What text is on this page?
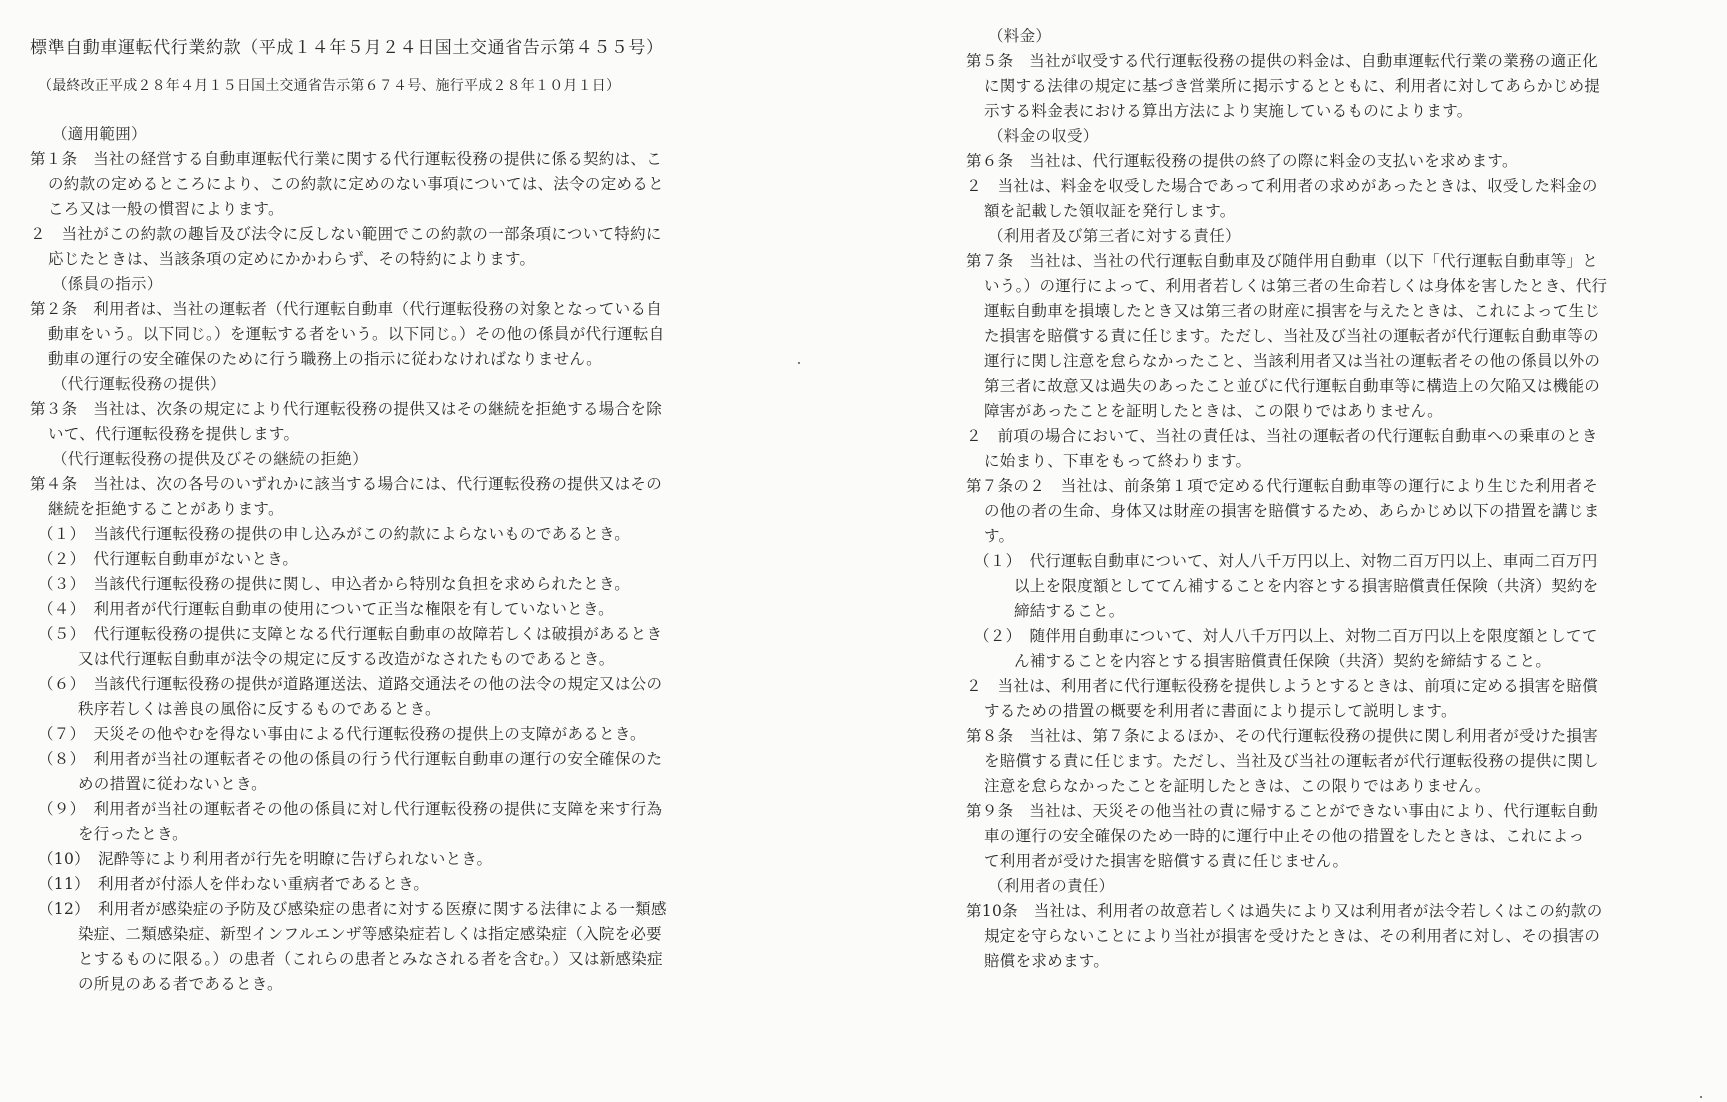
標準自動車運転代行業約款（平成１４年５月２４日国土交通省告示第４５５号）
（最終改正平成２８年４月１５日国土交通省告示第６７４号、施行平成２８年１０月１日）
（適用範囲）
第１条　当社の経営する自動車運転代行業に関する代行運転役務の提供に係る契約は、こ
の約款の定めるところにより、この約款に定めのない事項については、法令の定めると
ころ又は一般の慣習によります。
２　当社がこの約款の趣旨及び法令に反しない範囲でこの約款の一部条項について特約に
応じたときは、当該条項の定めにかかわらず、その特約によります。
（係員の指示）
第２条　利用者は、当社の運転者（代行運転自動車（代行運転役務の対象となっている自
動車をいう。以下同じ。）を運転する者をいう。以下同じ。）その他の係員が代行運転自
動車の運行の安全確保のために行う職務上の指示に従わなければなりません。
（代行運転役務の提供）
第３条　当社は、次条の規定により代行運転役務の提供又はその継続を拒絶する場合を除
いて、代行運転役務を提供します。
（代行運転役務の提供及びその継続の拒絶）
第４条　当社は、次の各号のいずれかに該当する場合には、代行運転役務の提供又はその
継続を拒絶することがあります。
（１）　当該代行運転役務の提供の申し込みがこの約款によらないものであるとき。
（２）　代行運転自動車がないとき。
（３）　当該代行運転役務の提供に関し、申込者から特別な負担を求められたとき。
（４）　利用者が代行運転自動車の使用について正当な権限を有していないとき。
（５）　代行運転役務の提供に支障となる代行運転自動車の故障若しくは破損があるとき
又は代行運転自動車が法令の規定に反する改造がなされたものであるとき。
（６）　当該代行運転役務の提供が道路運送法、道路交通法その他の法令の規定又は公の
秩序若しくは善良の風俗に反するものであるとき。
（７）　天災その他やむを得ない事由による代行運転役務の提供上の支障があるとき。
（８）　利用者が当社の運転者その他の係員の行う代行運転自動車の運行の安全確保のた
めの措置に従わないとき。
（９）　利用者が当社の運転者その他の係員に対し代行運転役務の提供に支障を来す行為
を行ったとき。
（10）　泥酔等により利用者が行先を明瞭に告げられないとき。
（11）　利用者が付添人を伴わない重病者であるとき。
（12）　利用者が感染症の予防及び感染症の患者に対する医療に関する法律による一類感
染症、二類感染症、新型インフルエンザ等感染症若しくは指定感染症（入院を必要
とするものに限る。）の患者（これらの患者とみなされる者を含む。）又は新感染症
の所見のある者であるとき。
（料金）
第５条　当社が収受する代行運転役務の提供の料金は、自動車運転代行業の業務の適正化
に関する法律の規定に基づき営業所に掲示するとともに、利用者に対してあらかじめ提
示する料金表における算出方法により実施しているものによります。
（料金の収受）
第６条　当社は、代行運転役務の提供の終了の際に料金の支払いを求めます。
２　当社は、料金を収受した場合であって利用者の求めがあったときは、収受した料金の
額を記載した領収証を発行します。
（利用者及び第三者に対する責任）
第７条　当社は、当社の代行運転自動車及び随伴用自動車（以下「代行運転自動車等」と
いう。）の運行によって、利用者若しくは第三者の生命若しくは身体を害したとき、代行
運転自動車を損壊したとき又は第三者の財産に損害を与えたときは、これによって生じ
た損害を賠償する責に任じます。ただし、当社及び当社の運転者が代行運転自動車等の
運行に関し注意を怠らなかったこと、当該利用者又は当社の運転者その他の係員以外の
第三者に故意又は過失のあったこと並びに代行運転自動車等に構造上の欠陥又は機能の
障害があったことを証明したときは、この限りではありません。
２　前項の場合において、当社の責任は、当社の運転者の代行運転自動車への乗車のとき
に始まり、下車をもって終わります。
第７条の２　当社は、前条第１項で定める代行運転自動車等の運行により生じた利用者そ
の他の者の生命、身体又は財産の損害を賠償するため、あらかじめ以下の措置を講じま
す。
（１）　代行運転自動車について、対人八千万円以上、対物二百万円以上、車両二百万円
以上を限度額としててん補することを内容とする損害賠償責任保険（共済）契約を
締結すること。
（２）　随伴用自動車について、対人八千万円以上、対物二百万円以上を限度額としてて
ん補することを内容とする損害賠償責任保険（共済）契約を締結すること。
２　当社は、利用者に代行運転役務を提供しようとするときは、前項に定める損害を賠償
するための措置の概要を利用者に書面により提示して説明します。
第８条　当社は、第７条によるほか、その代行運転役務の提供に関し利用者が受けた損害
を賠償する責に任じます。ただし、当社及び当社の運転者が代行運転役務の提供に関し
注意を怠らなかったことを証明したときは、この限りではありません。
第９条　当社は、天災その他当社の責に帰することができない事由により、代行運転自動
車の運行の安全確保のため一時的に運行中止その他の措置をしたときは、これによっ
て利用者が受けた損害を賠償する責に任じません。
（利用者の責任）
第10条　当社は、利用者の故意若しくは過失により又は利用者が法令若しくはこの約款の
規定を守らないことにより当社が損害を受けたときは、その利用者に対し、その損害の
賠償を求めます。
